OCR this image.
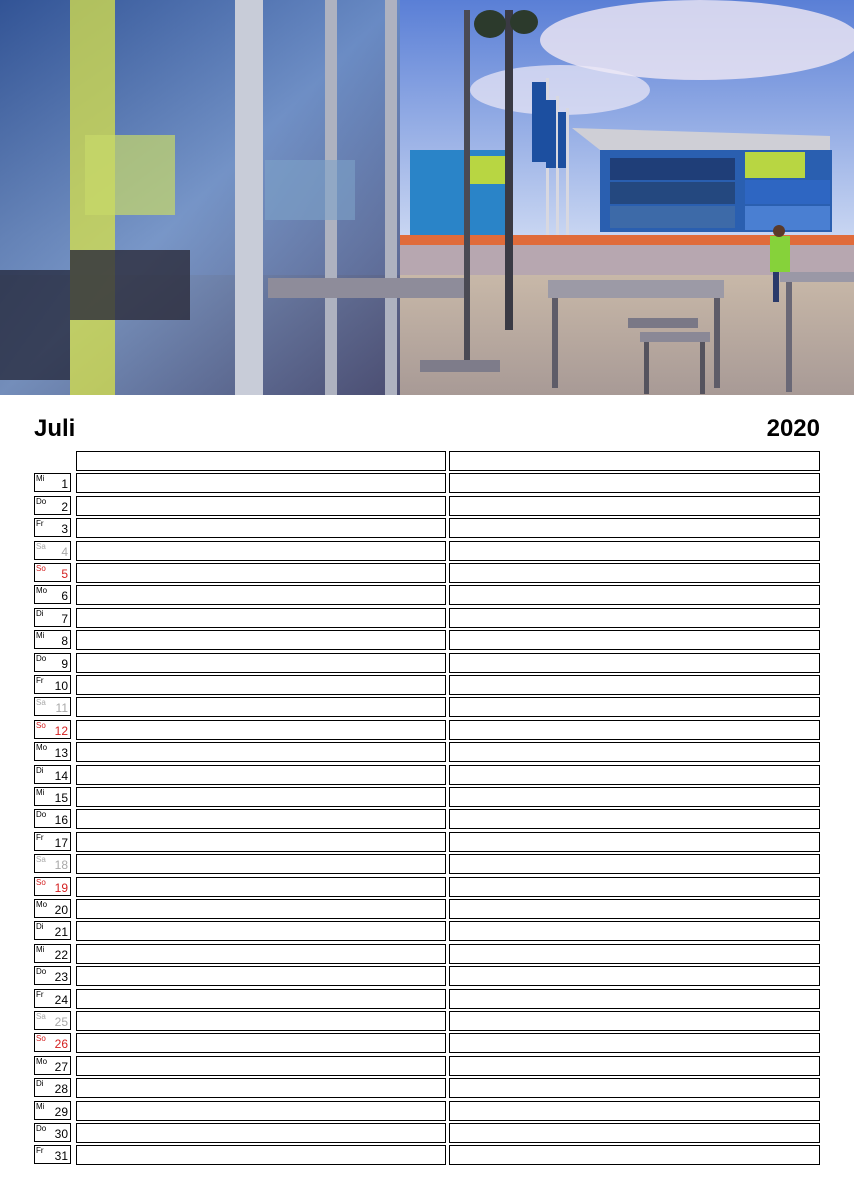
Juli	2020
Mi 1
Do 2
Fr 3
Sa 4
So 5
Mo 6
Di 7
Mi 8
Do 9
Fr 10
Sa 11
So 12
Mo 13
Di 14
Mi 15
Do 16
Fr 17
Sa 18
So 19
Mo 20
Di 21
Mi 22
Do 23
Fr 24
Sa 25
So 26
Mo 27
Di 28
Mi 29
Do 30
Fr 31
